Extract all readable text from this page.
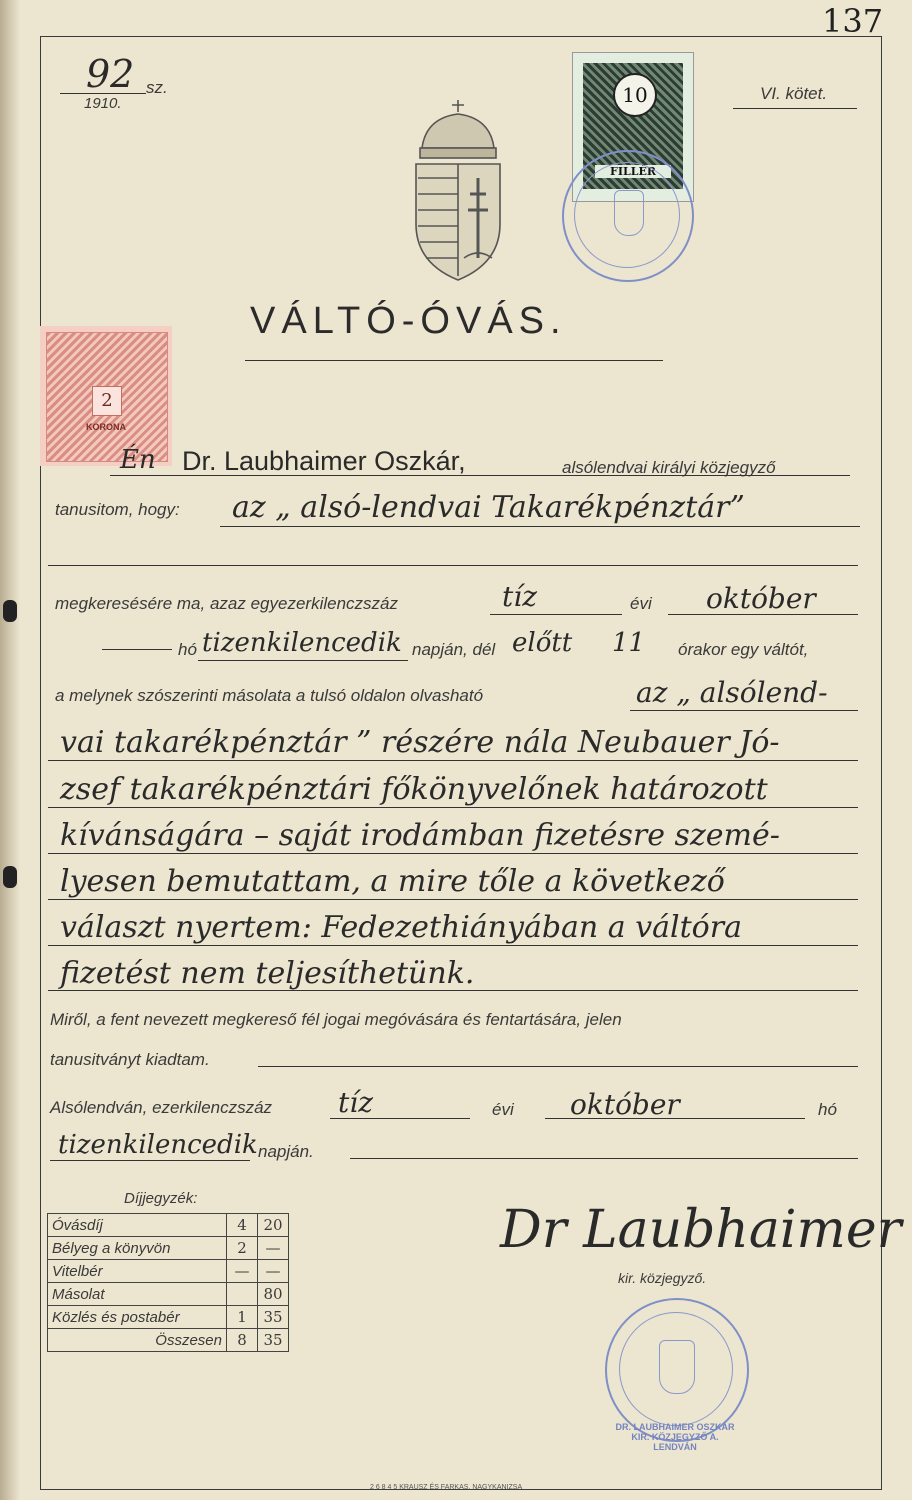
137
92 sz.
1910.
VI. kötet.
10
FILLÉR
VÁLTÓ-ÓVÁS.
2
KORONA
Én Dr. Laubhaimer Oszkár,	alsólendvai királyi közjegyző
tanusitom, hogy: az „ alsó-lendvai Takarékpénztár”
megkeresésére ma, azaz egyezerkilenczszáz	tíz	évi október
hó tizenkilencedik napján, dél előtt 11 órakor egy váltót,
a melynek szószerinti másolata a tulsó oldalon olvasható	az „ alsólend-
vai takarékpénztár ” részére nála Neubauer Jó-
zsef takarékpénztári főkönyvelőnek határozott
kívánságára – saját irodámban fizetésre szemé-
lyesen bemutattam, a mire tőle a következő
választ nyertem: Fedezethiányában a váltóra
fizetést nem teljesíthetünk.
Miről, a fent nevezett megkereső fél jogai megóvására és fentartására, jelen
tanusitványt kiadtam.
Alsólendván, ezerkilenczszáz tíz	évi október	hó
tizenkilencedik napján.
Díjjegyzék:
Óvásdíj	4	20
Bélyeg a könyvön	2	—
Vitelbér	—	—
Másolat		80
Közlés és postabér	1	35
Összesen	8	35
Dr Laubhaimer
kir. közjegyző.
DR. LAUBHAIMER OSZKÁR KIR. KÖZJEGYZŐ A. LENDVÁN
2 6 8 4 5 KRAUSZ ÉS FARKAS, NAGYKANIZSA
